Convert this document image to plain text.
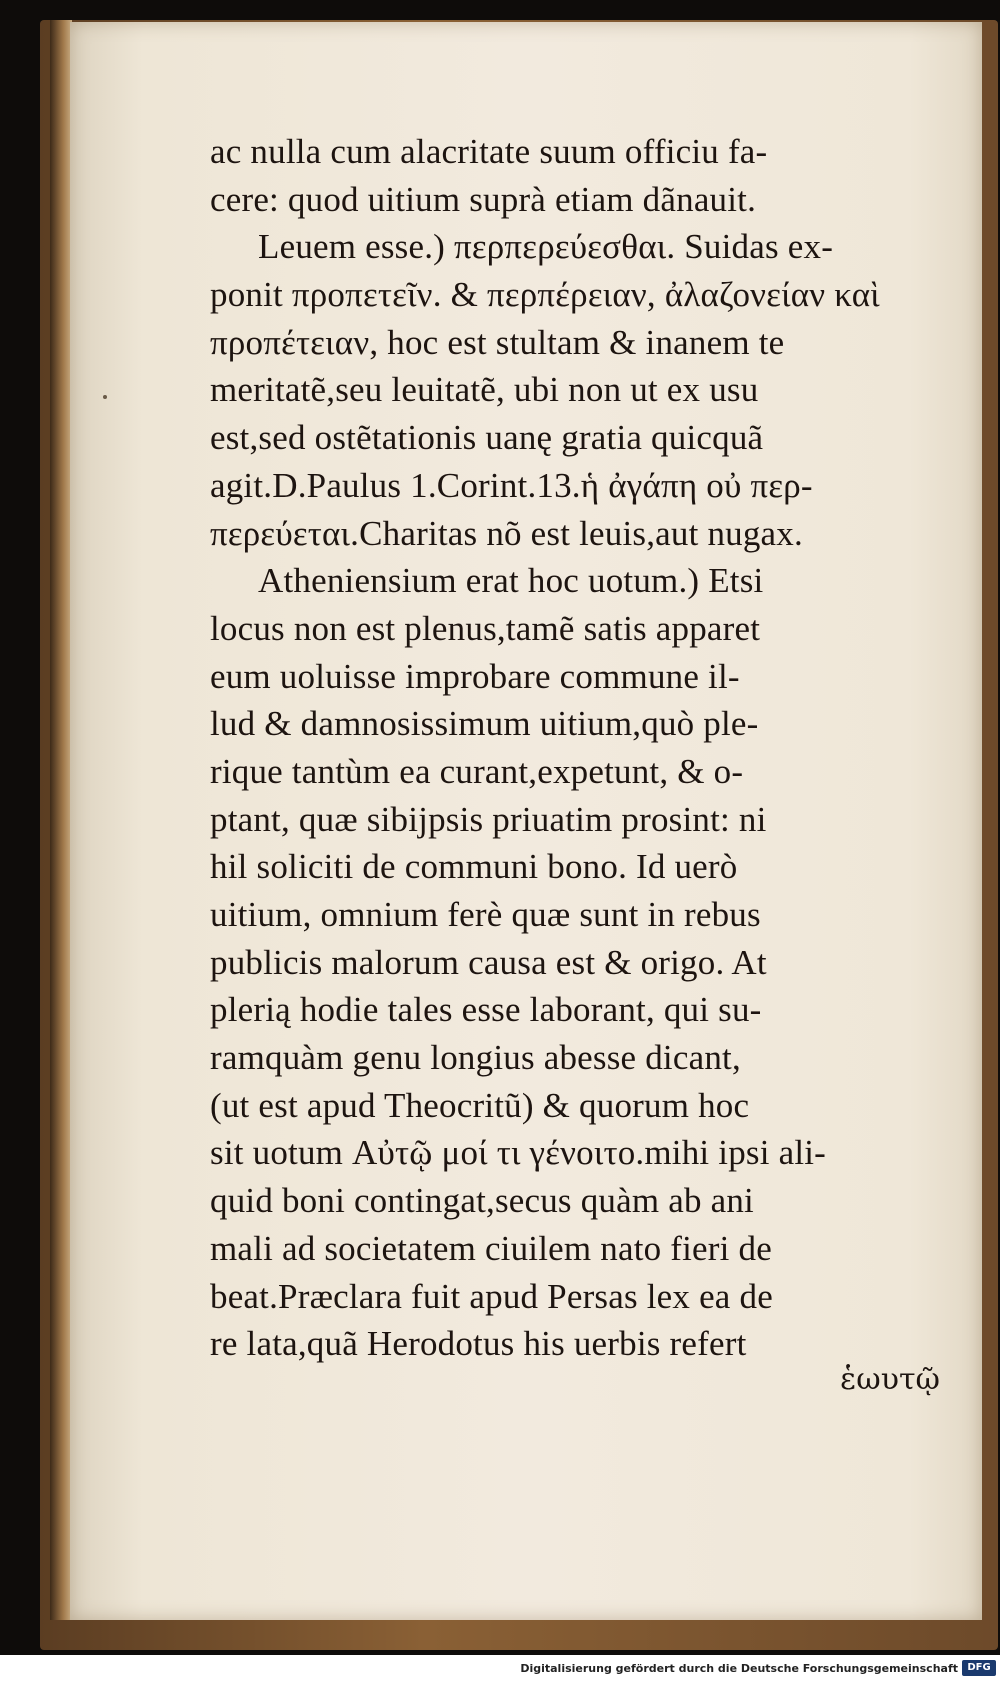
ac nulla cum alacritate suum officiu fa-
cere: quod uitium suprà etiam dãnauit.
Leuem esse.) περπερεύεσθαι. Suidas ex-
ponit προπετεῖν. & περπέρειαν, ἀλαζονείαν καὶ
προπέτειαν, hoc est stultam & inanem te
meritatẽ,seu leuitatẽ, ubi non ut ex usu
est,sed ostẽtationis uanę gratia quicquã
agit.D.Paulus 1.Corint.13.ἡ ἀγάπη οὐ περ-
περεύεται.Charitas nõ est leuis,aut nugax.
Atheniensium erat hoc uotum.) Etsi
locus non est plenus,tamẽ satis apparet
eum uoluisse improbare commune il-
lud & damnosissimum uitium,quò ple-
rique tantùm ea curant,expetunt, & o-
ptant, quæ sibijpsis priuatim prosint: ni
hil soliciti de communi bono. Id uerò
uitium, omnium ferè quæ sunt in rebus
publicis malorum causa est & origo. At
plerią hodie tales esse laborant, qui su-
ramquàm genu longius abesse dicant,
(ut est apud Theocritũ) & quorum hoc
sit uotum Αὐτῷ μοί τι γένοιτο.mihi ipsi ali-
quid boni contingat,secus quàm ab ani
mali ad societatem ciuilem nato fieri de
beat.Præclara fuit apud Persas lex ea de
re lata,quã Herodotus his uerbis refert
ἑωυτῷ
Digitalisierung gefördert durch die Deutsche Forschungsgemeinschaft DFG
